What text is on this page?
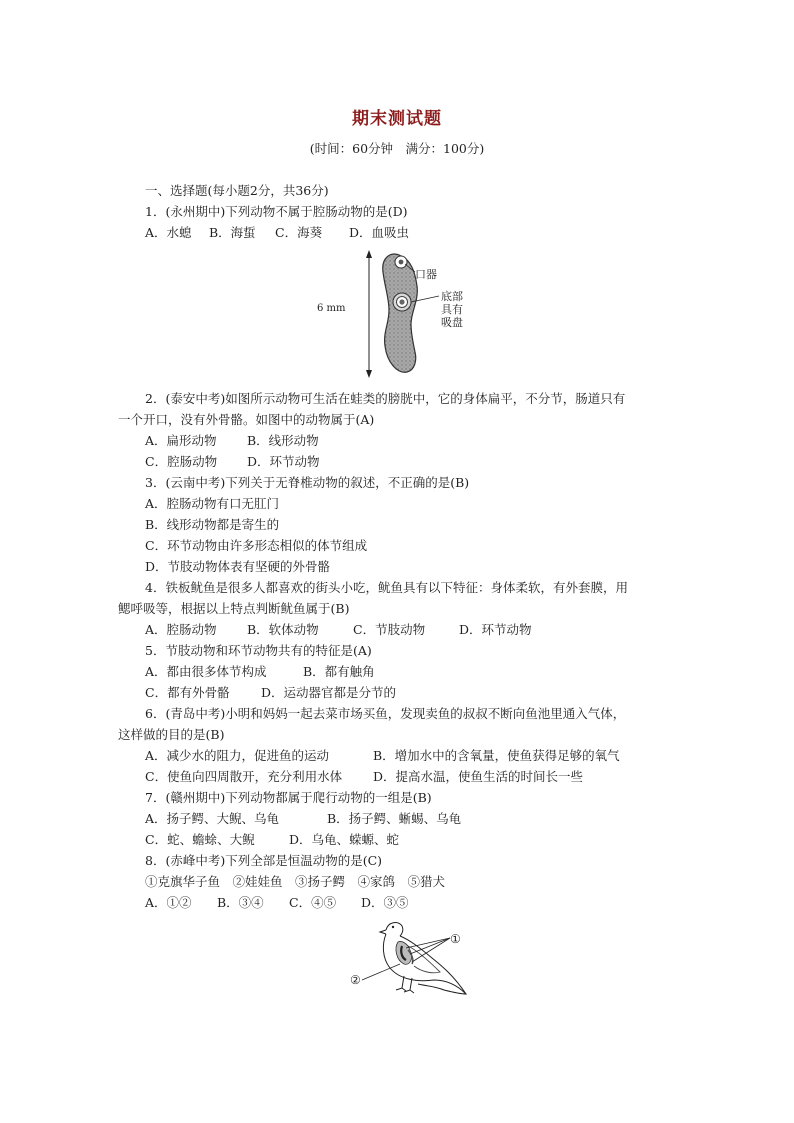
期末测试题
(时间：60分钟　满分：100分)
一、选择题(每小题2分，共36分)
1．(永州期中)下列动物不属于腔肠动物的是(D)
A．水螅 B．海蜇 C．海葵 D．血吸虫
6 mm
口器
底部
具有
吸盘
2．(泰安中考)如图所示动物可生活在蛙类的膀胱中，它的身体扁平，不分节，肠道只有
一个开口，没有外骨骼。如图中的动物属于(A)
A．扁形动物 B．线形动物
C．腔肠动物 D．环节动物
3．(云南中考)下列关于无脊椎动物的叙述，不正确的是(B)
A．腔肠动物有口无肛门
B．线形动物都是寄生的
C．环节动物由许多形态相似的体节组成
D．节肢动物体表有坚硬的外骨骼
4．铁板鱿鱼是很多人都喜欢的街头小吃，鱿鱼具有以下特征：身体柔软，有外套膜，用
鳃呼吸等，根据以上特点判断鱿鱼属于(B)
A．腔肠动物 B．软体动物	C．节肢动物	D．环节动物
5．节肢动物和环节动物共有的特征是(A)
A．都由很多体节构成	B．都有触角
C．都有外骨骼	D．运动器官都是分节的
6．(青岛中考)小明和妈妈一起去菜市场买鱼，发现卖鱼的叔叔不断向鱼池里通入气体，
这样做的目的是(B)
A．减少水的阻力，促进鱼的运动	B．增加水中的含氧量，使鱼获得足够的氧气
C．使鱼向四周散开，充分利用水体 D．提高水温，使鱼生活的时间长一些
7．(赣州期中)下列动物都属于爬行动物的一组是(B)
A．扬子鳄、大鲵、乌龟	B．扬子鳄、蜥蜴、乌龟
C．蛇、蟾蜍、大鲵	D．乌龟、蝾螈、蛇
8．(赤峰中考)下列全部是恒温动物的是(C)
①克旗华子鱼　②娃娃鱼　③扬子鳄　④家鸽　⑤猎犬
A．①② B．③④ C．④⑤ D．③⑤
①
②
